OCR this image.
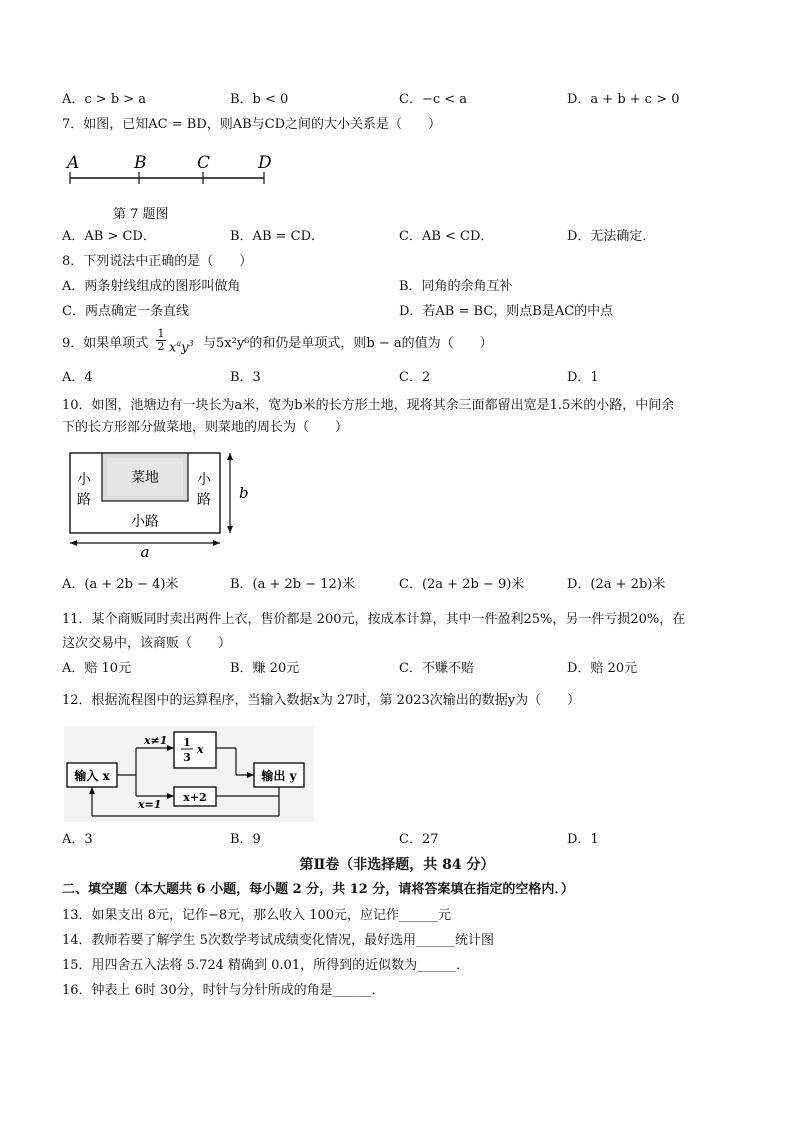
A．c > b > a	B．b < 0	C．−c < a	D．a + b + c > 0
7．如图，已知AC = BD，则AB与CD之间的大小关系是（　　）
A	B	C	D
第 7 题图
A．AB > CD．	B．AB = CD．	C．AB < CD．	D．无法确定．
8．下列说法中正确的是（　　）
A．两条射线组成的图形叫做角	B．同角的余角互补
C．两点确定一条直线	D．若AB = BC，则点B是AC的中点
9．如果单项式
1
2 $x^ay^3$ 与5x²y⁶的和仍是单项式，则b − a的值为（　　）
A．4	B．3	C．2	D．1
10．如图，池塘边有一块长为a米，宽为b米的长方形土地，现将其余三面都留出宽是1.5米的小路，中间余
下的长方形部分做菜地，则菜地的周长为（　　）
菜地
小
路
小
路
小路
a
b
A．(a + 2b − 4)米	B．(a + 2b − 12)米	C．(2a + 2b − 9)米	D．(2a + 2b)米
11．某个商贩同时卖出两件上衣，售价都是 200元，按成本计算，其中一件盈利25%，另一件亏损20%，在
这次交易中，该商贩（　　）
A．赔 10元	B．赚 20元	C．不赚不赔	D．赔 20元
12．根据流程图中的运算程序，当输入数据x为 27时，第 2023次输出的数据y为（　　）
输入 x
x≠1
x=1
1
3
x
x+2
输出 y
A．3	B．9	C．27	D．1
第Ⅱ卷（非选择题，共 84 分）
二、填空题（本大题共 6 小题，每小题 2 分，共 12 分，请将答案填在指定的空格内．）
13．如果支出 8元，记作−8元，那么收入 100元，应记作______元
14．教师若要了解学生 5次数学考试成绩变化情况，最好选用______统计图
15．用四舍五入法将 5.724 精确到 0.01，所得到的近似数为______．
16．钟表上 6时 30分，时针与分针所成的角是______．
